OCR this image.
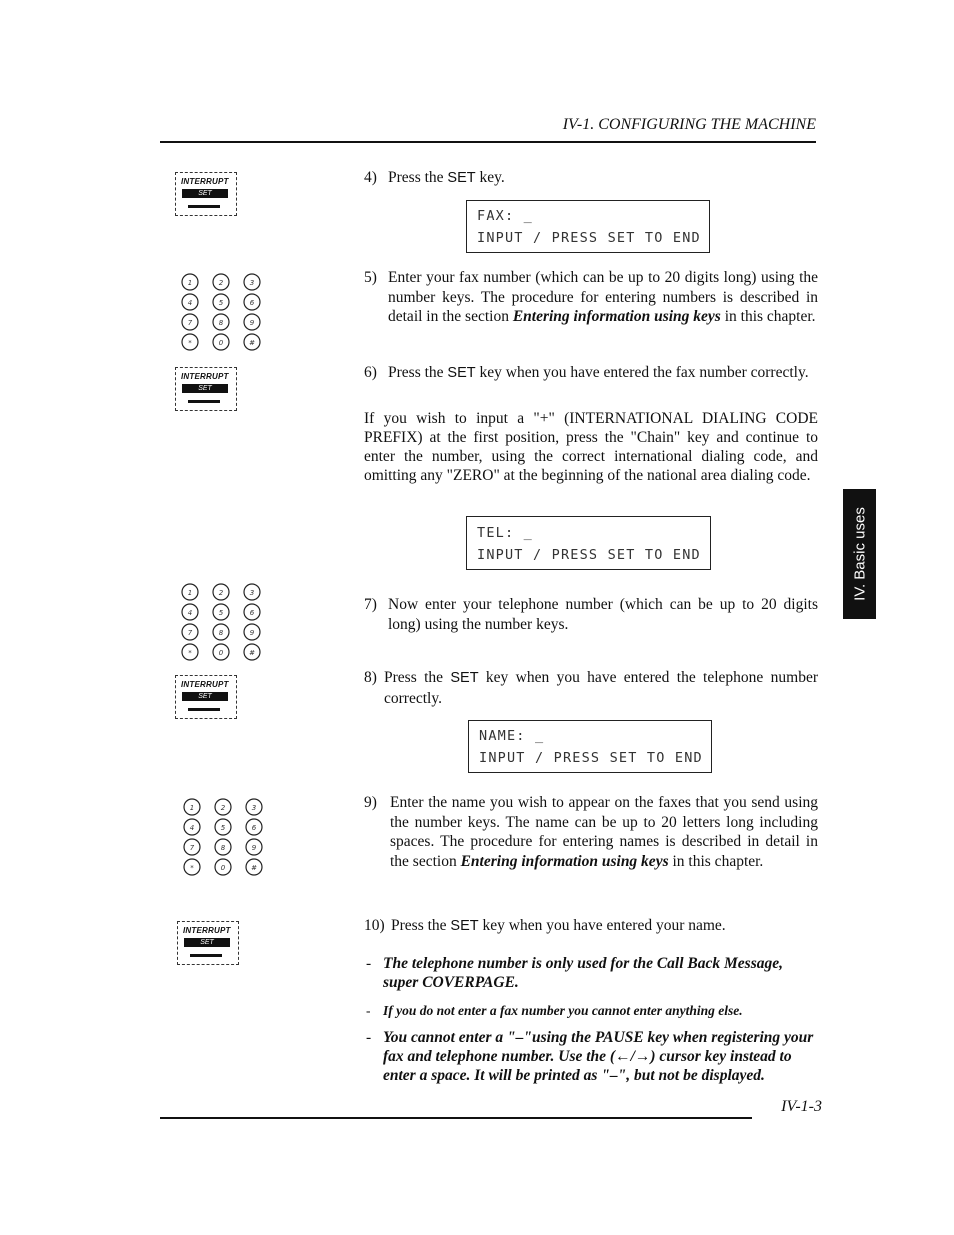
IV-1. CONFIGURING THE MACHINE
IV. Basic uses
INTERRUPT
SET
INTERRUPT
SET
INTERRUPT
SET
INTERRUPT
SET
1	2	3
4	5	6
7	8	9
*	0	#
1	2	3
4	5	6
7	8	9
*	0	#
1	2	3
4	5	6
7	8	9
*	0	#
4) Press the SET key.
FAX: _
INPUT / PRESS SET TO END
5) Enter your fax number (which can be up to 20 digits long) using the number keys. The procedure for entering numbers is described in detail in the section Entering information using keys in this chapter.
6) Press the SET key when you have entered the fax number correctly.
If you wish to input a "+" (INTERNATIONAL DIALING CODE PREFIX) at the first position, press the "Chain" key and continue to enter the number, using the correct international dialing code, and omitting any "ZERO" at the beginning of the national area dialing code.
TEL: _
INPUT / PRESS SET TO END
7) Now enter your telephone number (which can be up to 20 digits long) using the number keys.
8) Press the SET key when you have entered the telephone number correctly.
NAME: _
INPUT / PRESS SET TO END
9) Enter the name you wish to appear on the faxes that you send using the number keys. The name can be up to 20 letters long including spaces. The procedure for entering names is described in detail in the section Entering information using keys in this chapter.
10) Press the SET key when you have entered your name.
- The telephone number is only used for the Call Back Message, super COVERPAGE.
- If you do not enter a fax number you cannot enter anything else.
- You cannot enter a "–"using the PAUSE key when registering your fax and telephone number. Use the (←/→) cursor key instead to enter a space. It will be printed as "–", but not be displayed.
IV-1-3
